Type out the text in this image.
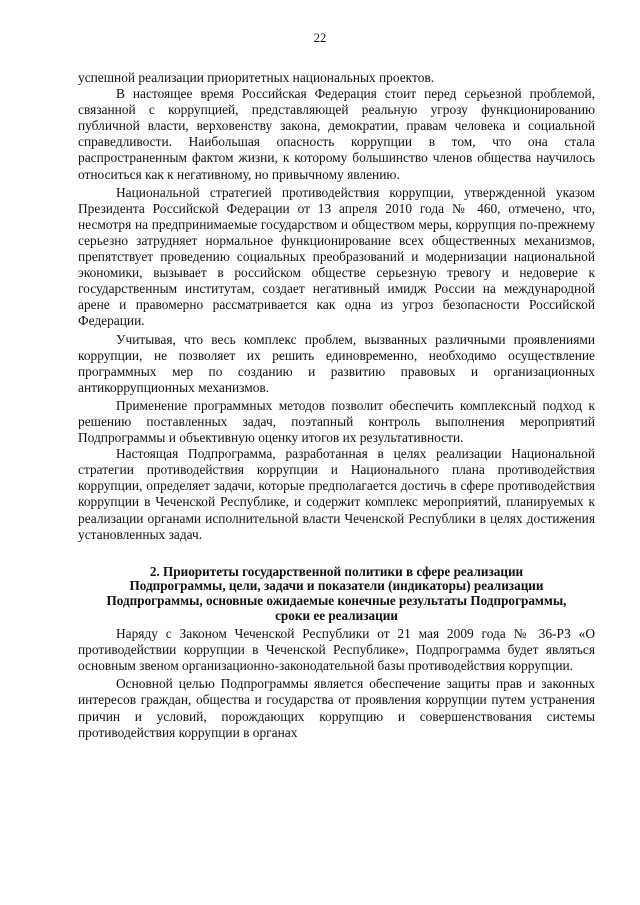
22

успешной реализации приоритетных национальных проектов.

В настоящее время Российская Федерация стоит перед серьезной проблемой, связанной с коррупцией, представляющей реальную угрозу функционированию публичной власти, верховенству закона, демократии, правам человека и социальной справедливости. Наибольшая опасность коррупции в том, что она стала распространенным фактом жизни, к которому большинство членов общества научилось относиться как к негативному, но привычному явлению.

Национальной стратегией противодействия коррупции, утвержденной указом Президента Российской Федерации от 13 апреля 2010 года № 460, отмечено, что, несмотря на предпринимаемые государством и обществом меры, коррупция по-прежнему серьезно затрудняет нормальное функционирование всех общественных механизмов, препятствует проведению социальных преобразований и модернизации национальной экономики, вызывает в российском обществе серьезную тревогу и недоверие к государственным институтам, создает негативный имидж России на международной арене и правомерно рассматривается как одна из угроз безопасности Российской Федерации.

Учитывая, что весь комплекс проблем, вызванных различными проявлениями коррупции, не позволяет их решить единовременно, необходимо осуществление программных мер по созданию и развитию правовых и организационных антикоррупционных механизмов.

Применение программных методов позволит обеспечить комплексный подход к решению поставленных задач, поэтапный контроль выполнения мероприятий Подпрограммы и объективную оценку итогов их результативности.

Настоящая Подпрограмма, разработанная в целях реализации Национальной стратегии противодействия коррупции и Национального плана противодействия коррупции, определяет задачи, которые предполагается достичь в сфере противодействия коррупции в Чеченской Республике, и содержит комплекс мероприятий, планируемых к реализации органами исполнительной власти Чеченской Республики в целях достижения установленных задач.

2. Приоритеты государственной политики в сфере реализации
Подпрограммы, цели, задачи и показатели (индикаторы) реализации
Подпрограммы, основные ожидаемые конечные результаты Подпрограммы,
сроки ее реализации

Наряду с Законом Чеченской Республики от 21 мая 2009 года № 36-РЗ «О противодействии коррупции в Чеченской Республике», Подпрограмма будет являться основным звеном организационно-законодательной базы противодействия коррупции.

Основной целью Подпрограммы является обеспечение защиты прав и законных интересов граждан, общества и государства от проявления коррупции путем устранения причин и условий, порождающих коррупцию и совершенствования системы противодействия коррупции в органах
